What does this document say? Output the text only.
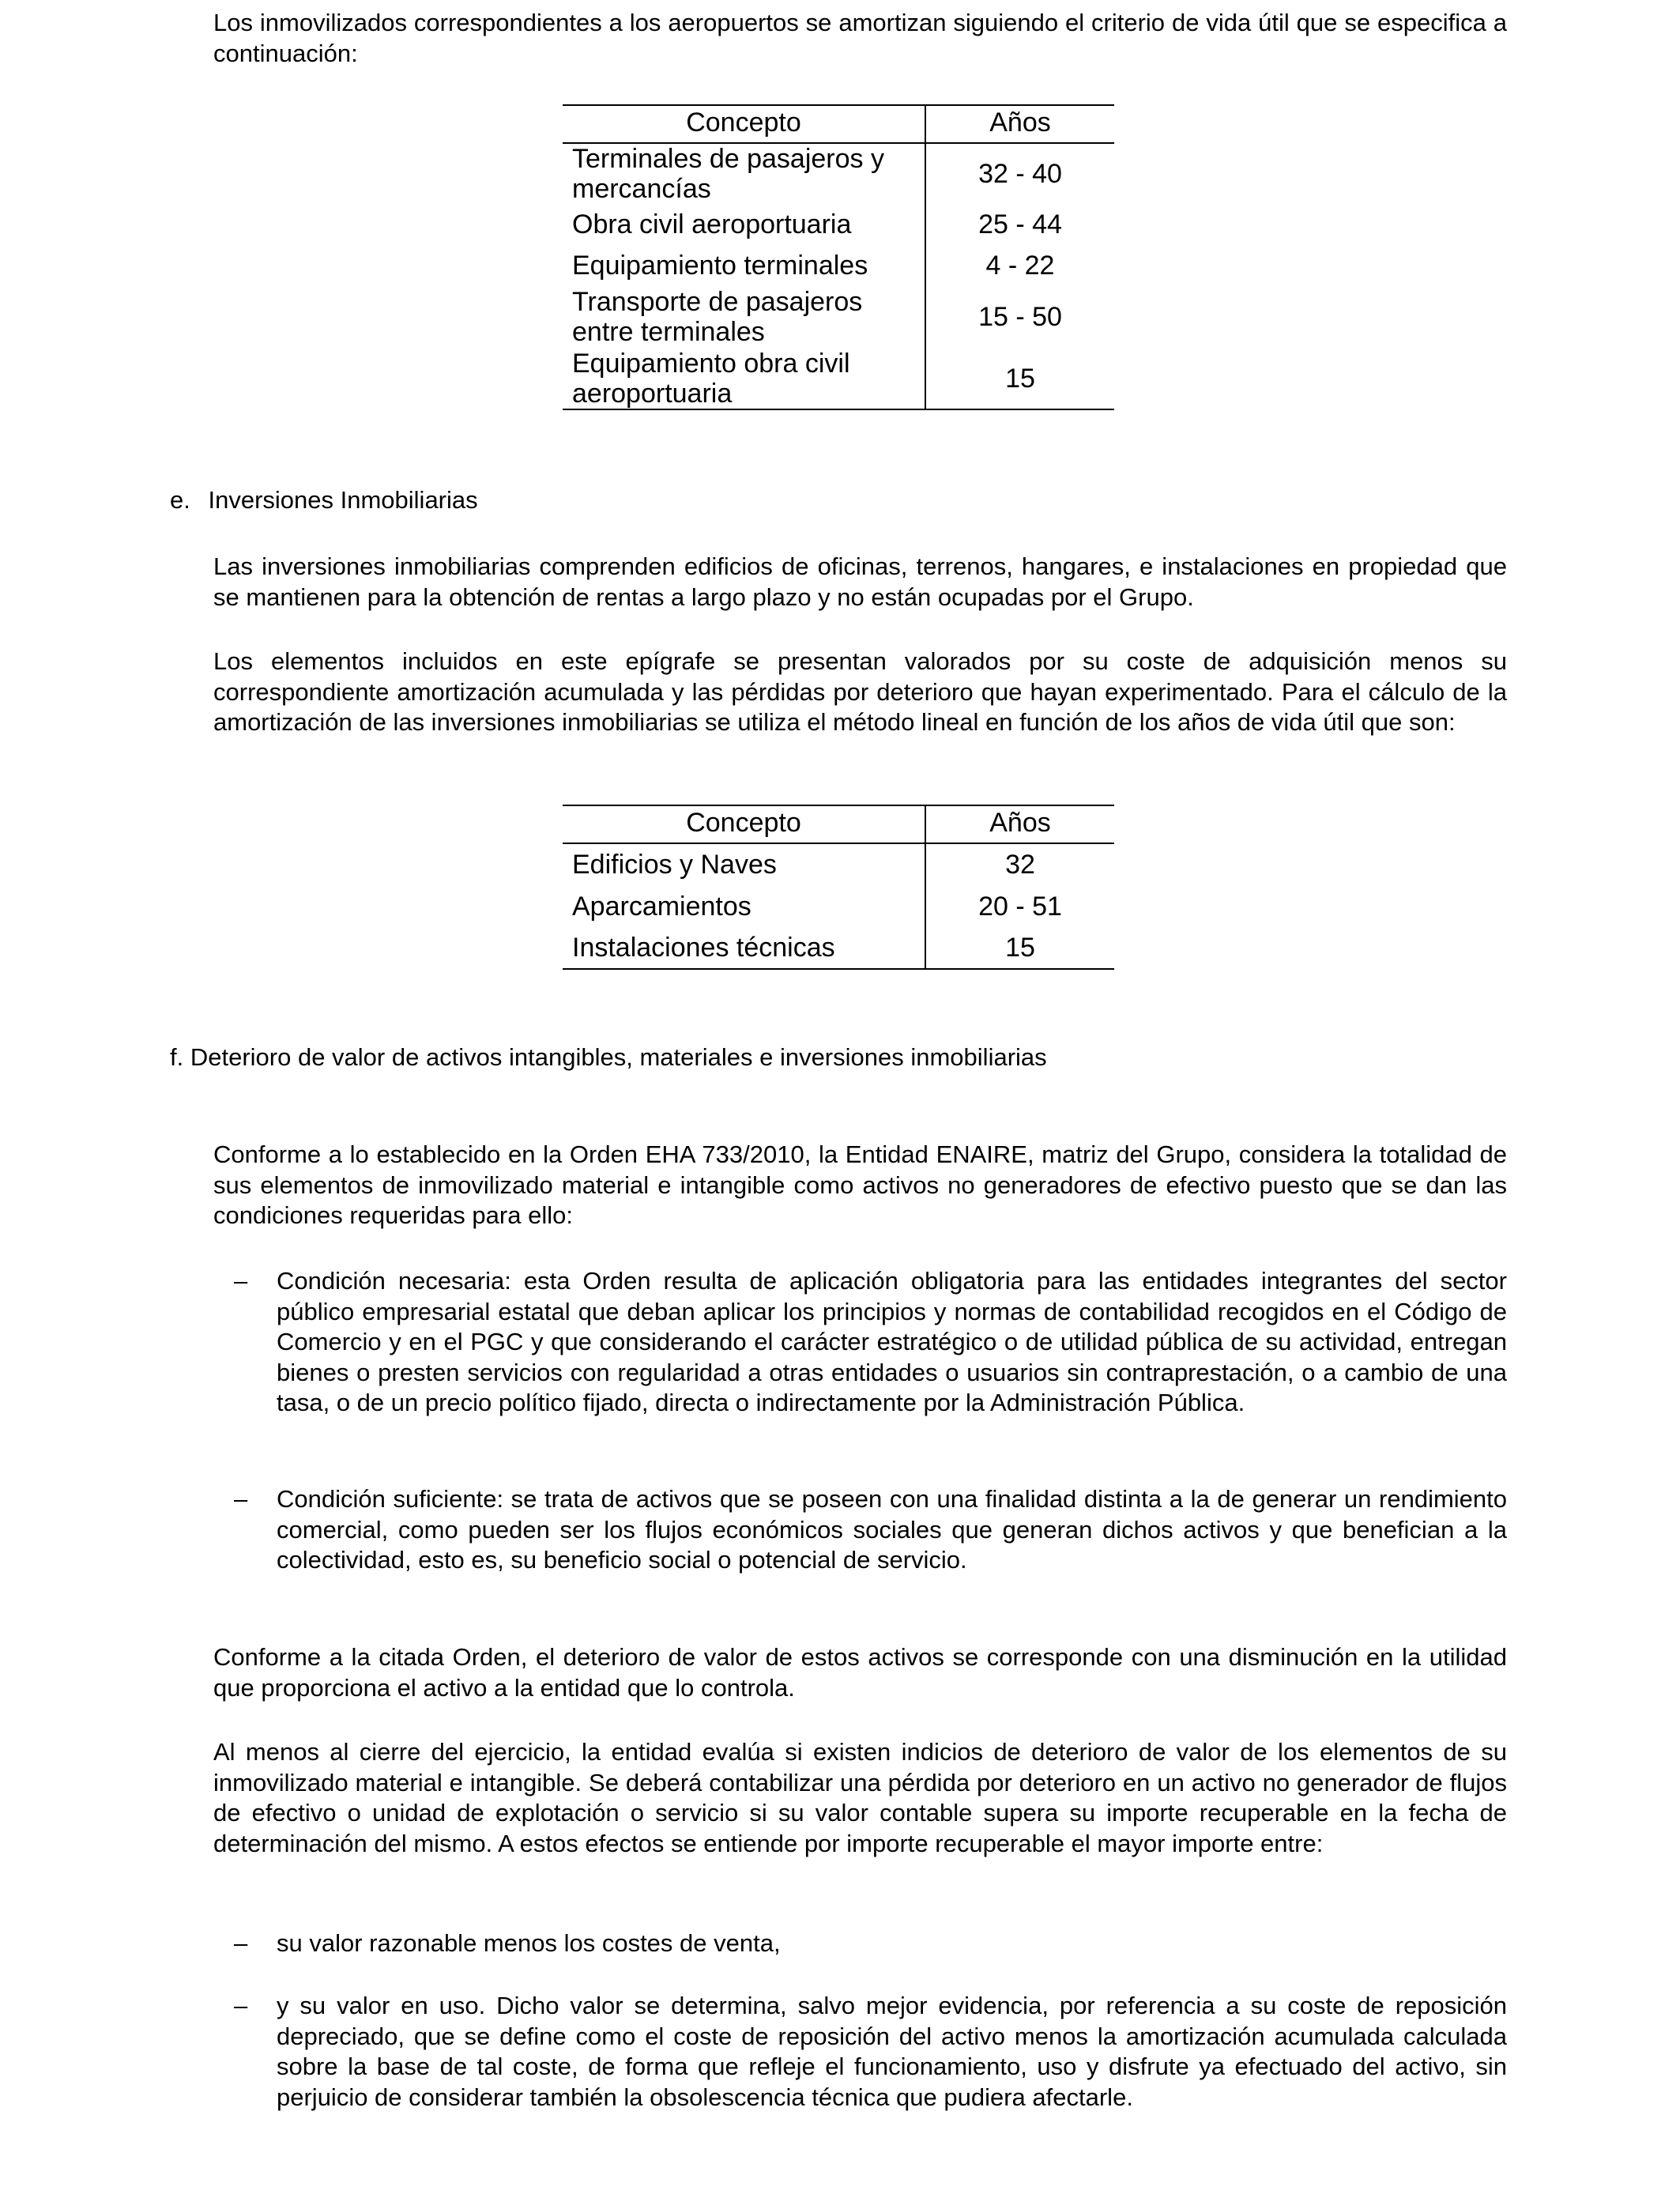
Los inmovilizados correspondientes a los aeropuertos se amortizan siguiendo el criterio de vida útil que se especifica a continuación:

Concepto	Años
Terminales de pasajeros y mercancías	32 - 40
Obra civil aeroportuaria	25 - 44
Equipamiento terminales	4 - 22
Transporte de pasajeros entre terminales	15 - 50
Equipamiento obra civil aeroportuaria	15
e. Inversiones Inmobiliarias

Las inversiones inmobiliarias comprenden edificios de oficinas, terrenos, hangares, e instalaciones en propiedad que se mantienen para la obtención de rentas a largo plazo y no están ocupadas por el Grupo.

Los elementos incluidos en este epígrafe se presentan valorados por su coste de adquisición menos su correspondiente amortización acumulada y las pérdidas por deterioro que hayan experimentado. Para el cálculo de la amortización de las inversiones inmobiliarias se utiliza el método lineal en función de los años de vida útil que son:

Concepto	Años
Edificios y Naves	32
Aparcamientos	20 - 51
Instalaciones técnicas	15
f. Deterioro de valor de activos intangibles, materiales e inversiones inmobiliarias

Conforme a lo establecido en la Orden EHA 733/2010, la Entidad ENAIRE, matriz del Grupo, considera la totalidad de sus elementos de inmovilizado material e intangible como activos no generadores de efectivo puesto que se dan las condiciones requeridas para ello:

– Condición necesaria: esta Orden resulta de aplicación obligatoria para las entidades integrantes del sector público empresarial estatal que deban aplicar los principios y normas de contabilidad recogidos en el Código de Comercio y en el PGC y que considerando el carácter estratégico o de utilidad pública de su actividad, entregan bienes o presten servicios con regularidad a otras entidades o usuarios sin contraprestación, o a cambio de una tasa, o de un precio político fijado, directa o indirectamente por la Administración Pública.
– Condición suficiente: se trata de activos que se poseen con una finalidad distinta a la de generar un rendimiento comercial, como pueden ser los flujos económicos sociales que generan dichos activos y que benefician a la colectividad, esto es, su beneficio social o potencial de servicio.

Conforme a la citada Orden, el deterioro de valor de estos activos se corresponde con una disminución en la utilidad que proporciona el activo a la entidad que lo controla.

Al menos al cierre del ejercicio, la entidad evalúa si existen indicios de deterioro de valor de los elementos de su inmovilizado material e intangible. Se deberá contabilizar una pérdida por deterioro en un activo no generador de flujos de efectivo o unidad de explotación o servicio si su valor contable supera su importe recuperable en la fecha de determinación del mismo. A estos efectos se entiende por importe recuperable el mayor importe entre:

– su valor razonable menos los costes de venta,
– y su valor en uso. Dicho valor se determina, salvo mejor evidencia, por referencia a su coste de reposición depreciado, que se define como el coste de reposición del activo menos la amortización acumulada calculada sobre la base de tal coste, de forma que refleje el funcionamiento, uso y disfrute ya efectuado del activo, sin perjuicio de considerar también la obsolescencia técnica que pudiera afectarle.
